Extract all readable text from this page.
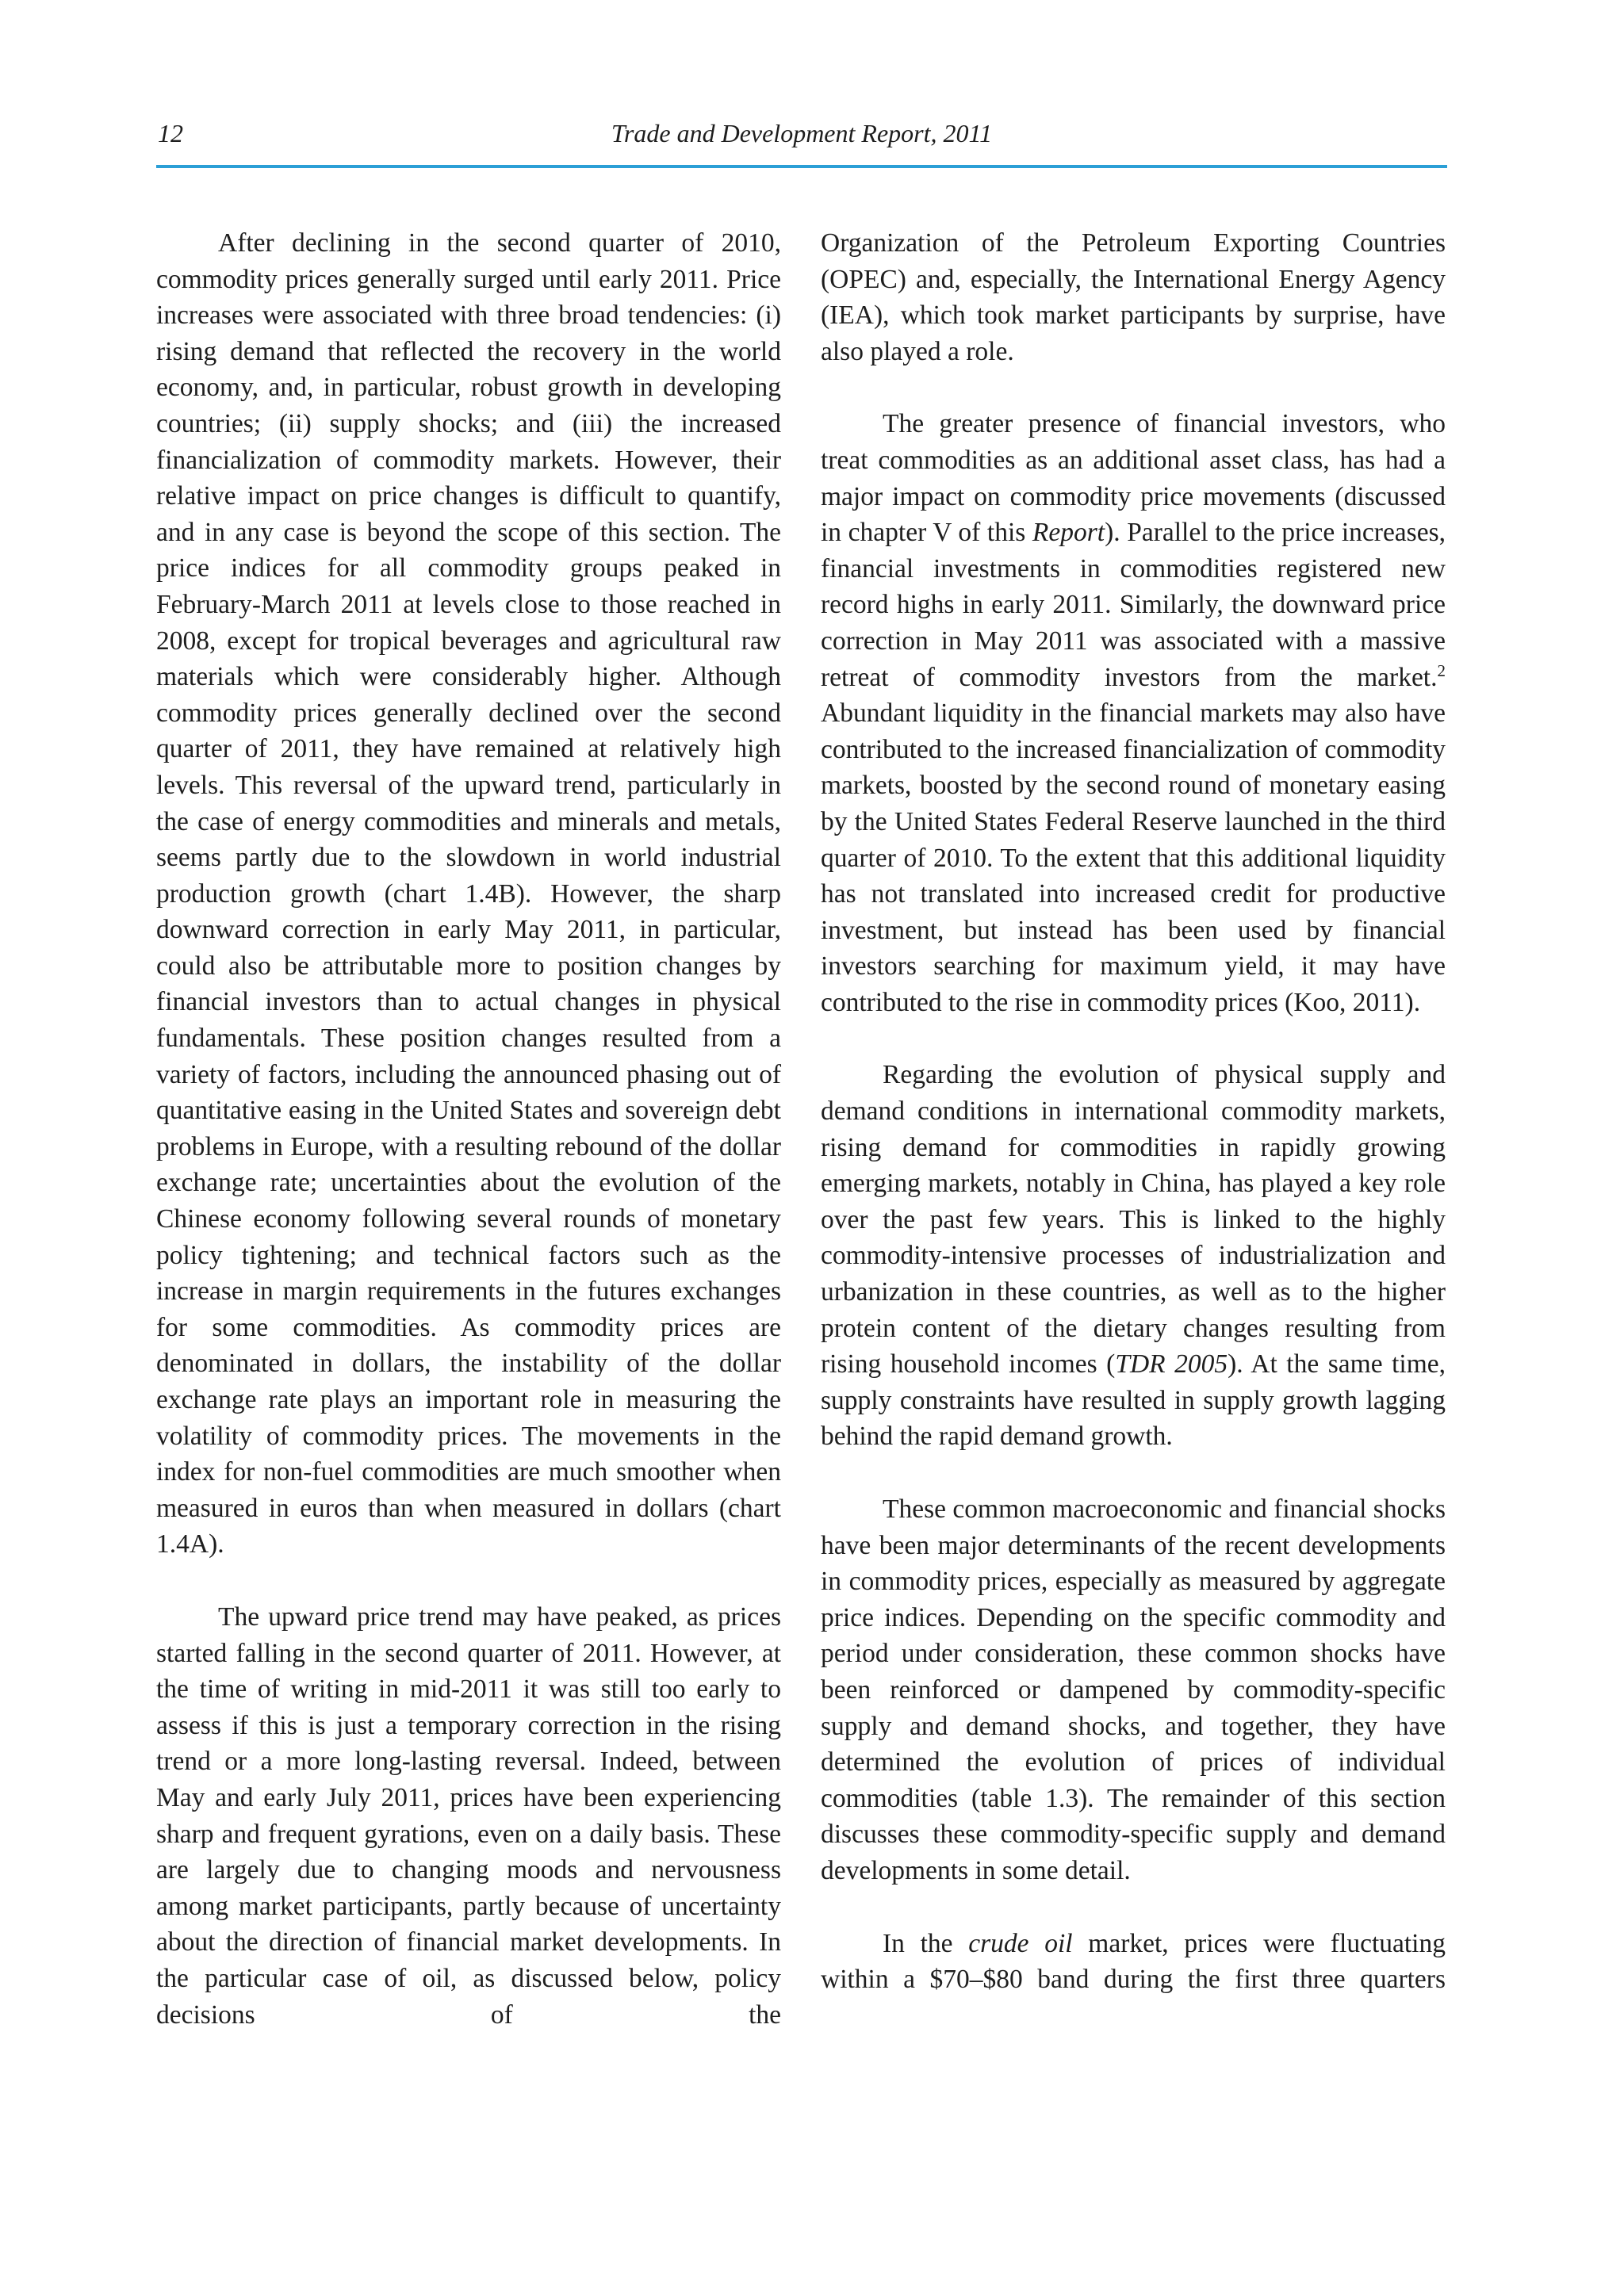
12	Trade and Development Report, 2011

After declining in the second quarter of 2010, commodity prices generally surged until early 2011. Price increases were associated with three broad tendencies: (i) rising demand that reflected the recovery in the world economy, and, in particular, robust growth in developing countries; (ii) supply shocks; and (iii) the increased financialization of commodity markets. However, their relative impact on price changes is difficult to quantify, and in any case is beyond the scope of this section. The price indices for all commodity groups peaked in February-March 2011 at levels close to those reached in 2008, except for tropical beverages and agricultural raw materials which were considerably higher. Although commodity prices generally declined over the second quarter of 2011, they have remained at relatively high levels. This reversal of the upward trend, particularly in the case of energy commodities and minerals and metals, seems partly due to the slowdown in world industrial production growth (chart 1.4B). However, the sharp downward correction in early May 2011, in particular, could also be attributable more to position changes by financial investors than to actual changes in physical fundamentals. These position changes resulted from a variety of factors, including the announced phasing out of quantitative easing in the United States and sovereign debt problems in Europe, with a resulting rebound of the dollar exchange rate; uncertainties about the evolution of the Chinese economy following several rounds of monetary policy tightening; and technical factors such as the increase in margin requirements in the futures exchanges for some commodities. As commodity prices are denominated in dollars, the instability of the dollar exchange rate plays an important role in measuring the volatility of commodity prices. The movements in the index for non-fuel commodities are much smoother when measured in euros than when measured in dollars (chart 1.4A).

The upward price trend may have peaked, as prices started falling in the second quarter of 2011. However, at the time of writing in mid-2011 it was still too early to assess if this is just a temporary correction in the rising trend or a more long-lasting reversal. Indeed, between May and early July 2011, prices have been experiencing sharp and frequent gyrations, even on a daily basis. These are largely due to changing moods and nervousness among market participants, partly because of uncertainty about the direction of financial market developments. In the particular case of oil, as discussed below, policy decisions of the

Organization of the Petroleum Exporting Countries (OPEC) and, especially, the International Energy Agency (IEA), which took market participants by surprise, have also played a role.

The greater presence of financial investors, who treat commodities as an additional asset class, has had a major impact on commodity price movements (discussed in chapter V of this Report). Parallel to the price increases, financial investments in commodities registered new record highs in early 2011. Similarly, the downward price correction in May 2011 was associated with a massive retreat of commodity investors from the market.$^2$ Abundant liquidity in the financial markets may also have contributed to the increased financialization of commodity markets, boosted by the second round of monetary easing by the United States Federal Reserve launched in the third quarter of 2010. To the extent that this additional liquidity has not translated into increased credit for productive investment, but instead has been used by financial investors searching for maximum yield, it may have contributed to the rise in commodity prices (Koo, 2011).

Regarding the evolution of physical supply and demand conditions in international commodity markets, rising demand for commodities in rapidly growing emerging markets, notably in China, has played a key role over the past few years. This is linked to the highly commodity-intensive processes of industrialization and urbanization in these countries, as well as to the higher protein content of the dietary changes resulting from rising household incomes (TDR 2005). At the same time, supply constraints have resulted in supply growth lagging behind the rapid demand growth.

These common macroeconomic and financial shocks have been major determinants of the recent developments in commodity prices, especially as measured by aggregate price indices. Depending on the specific commodity and period under consideration, these common shocks have been reinforced or dampened by commodity-specific supply and demand shocks, and together, they have determined the evolution of prices of individual commodities (table 1.3). The remainder of this section discusses these commodity-specific supply and demand developments in some detail.

In the crude oil market, prices were fluctuating within a $70–$80 band during the first three quarters
